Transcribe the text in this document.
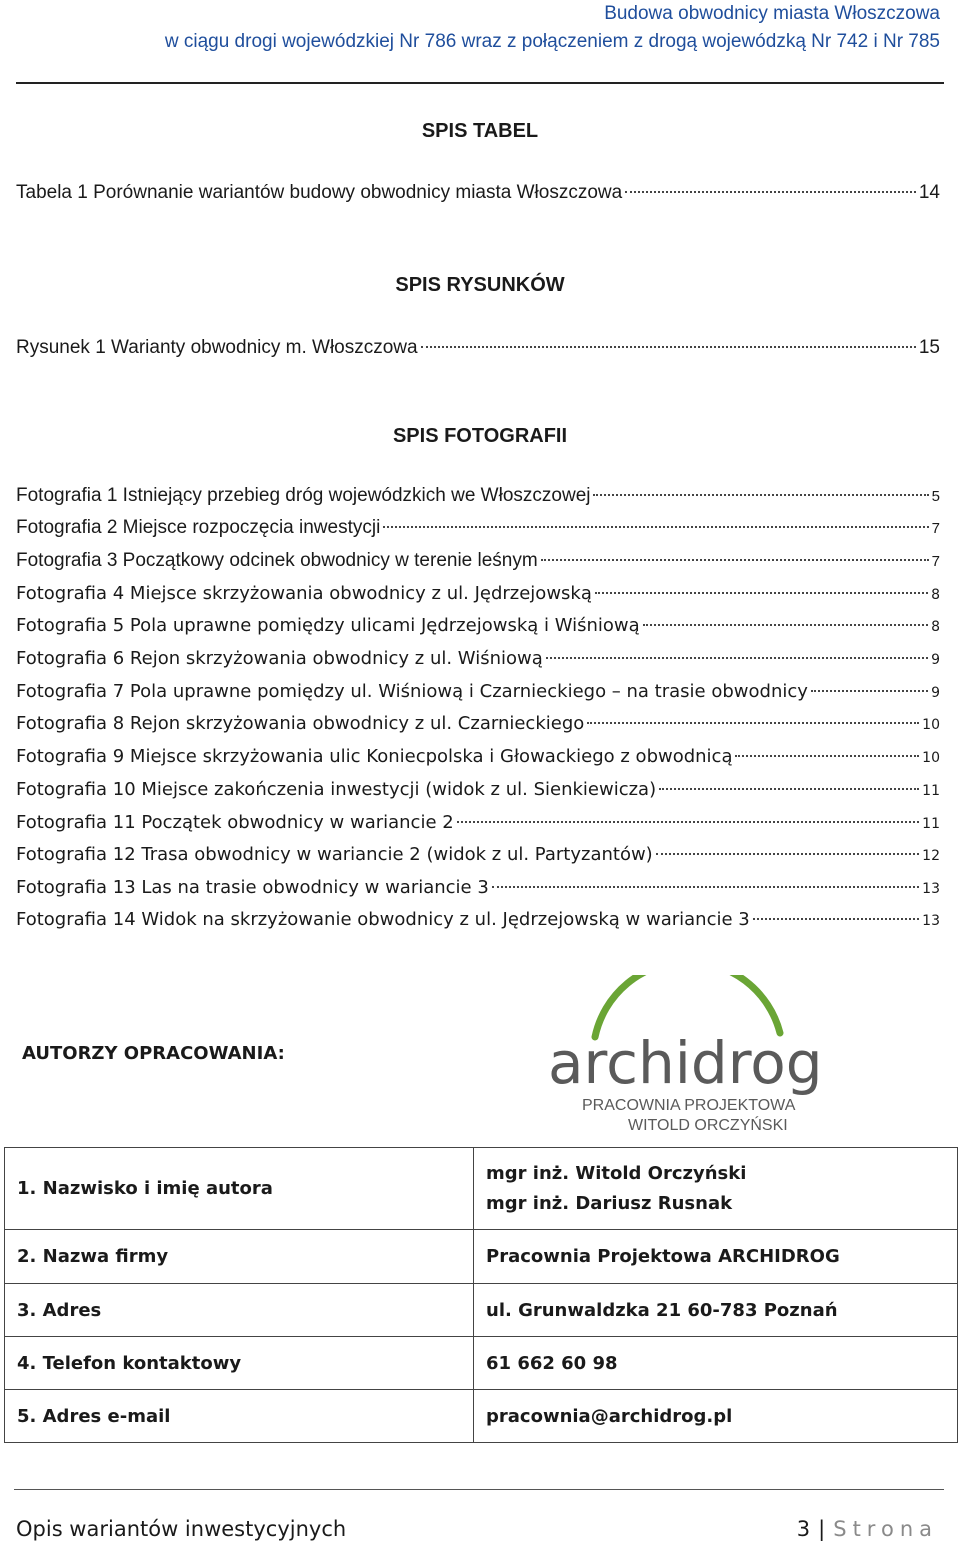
Budowa obwodnicy miasta Włoszczowa
w ciągu drogi wojewódzkiej Nr 786 wraz z połączeniem z drogą wojewódzką Nr 742 i Nr 785
SPIS TABEL
Tabela 1 Porównanie wariantów budowy obwodnicy miasta Włoszczowa	14
SPIS RYSUNKÓW
Rysunek 1 Warianty obwodnicy m. Włoszczowa	15
SPIS FOTOGRAFII
Fotografia 1 Istniejący przebieg dróg wojewódzkich we Włoszczowej	5
Fotografia 2 Miejsce rozpoczęcia inwestycji	7
Fotografia 3 Początkowy odcinek obwodnicy w terenie leśnym	7
Fotografia 4 Miejsce skrzyżowania obwodnicy z ul. Jędrzejowską	8
Fotografia 5 Pola uprawne pomiędzy ulicami Jędrzejowską i Wiśniową	8
Fotografia 6 Rejon skrzyżowania obwodnicy z ul. Wiśniową	9
Fotografia 7 Pola uprawne pomiędzy ul. Wiśniową i Czarnieckiego – na trasie obwodnicy	9
Fotografia 8 Rejon skrzyżowania obwodnicy z ul. Czarnieckiego	10
Fotografia 9 Miejsce skrzyżowania ulic Koniecpolska i Głowackiego z obwodnicą	10
Fotografia 10 Miejsce zakończenia inwestycji (widok z ul. Sienkiewicza)	11
Fotografia 11 Początek obwodnicy w wariancie 2	11
Fotografia 12 Trasa obwodnicy w wariancie 2 (widok z ul. Partyzantów)	12
Fotografia 13 Las na trasie obwodnicy w wariancie 3	13
Fotografia 14 Widok na skrzyżowanie obwodnicy z ul. Jędrzejowską w wariancie 3	13
AUTORZY OPRACOWANIA:	archidrog
PRACOWNIA PROJEKTOWA
WITOLD ORCZYŃSKI
1. Nazwisko i imię autora	mgr inż. Witold Orczyński
mgr inż. Dariusz Rusnak

2. Nazwa firmy	Pracownia Projektowa ARCHIDROG
3. Adres	ul. Grunwaldzka 21 60-783 Poznań
4. Telefon kontaktowy	61 662 60 98
5. Adres e-mail	pracownia@archidrog.pl
Opis wariantów inwestycyjnych	3 | Strona
